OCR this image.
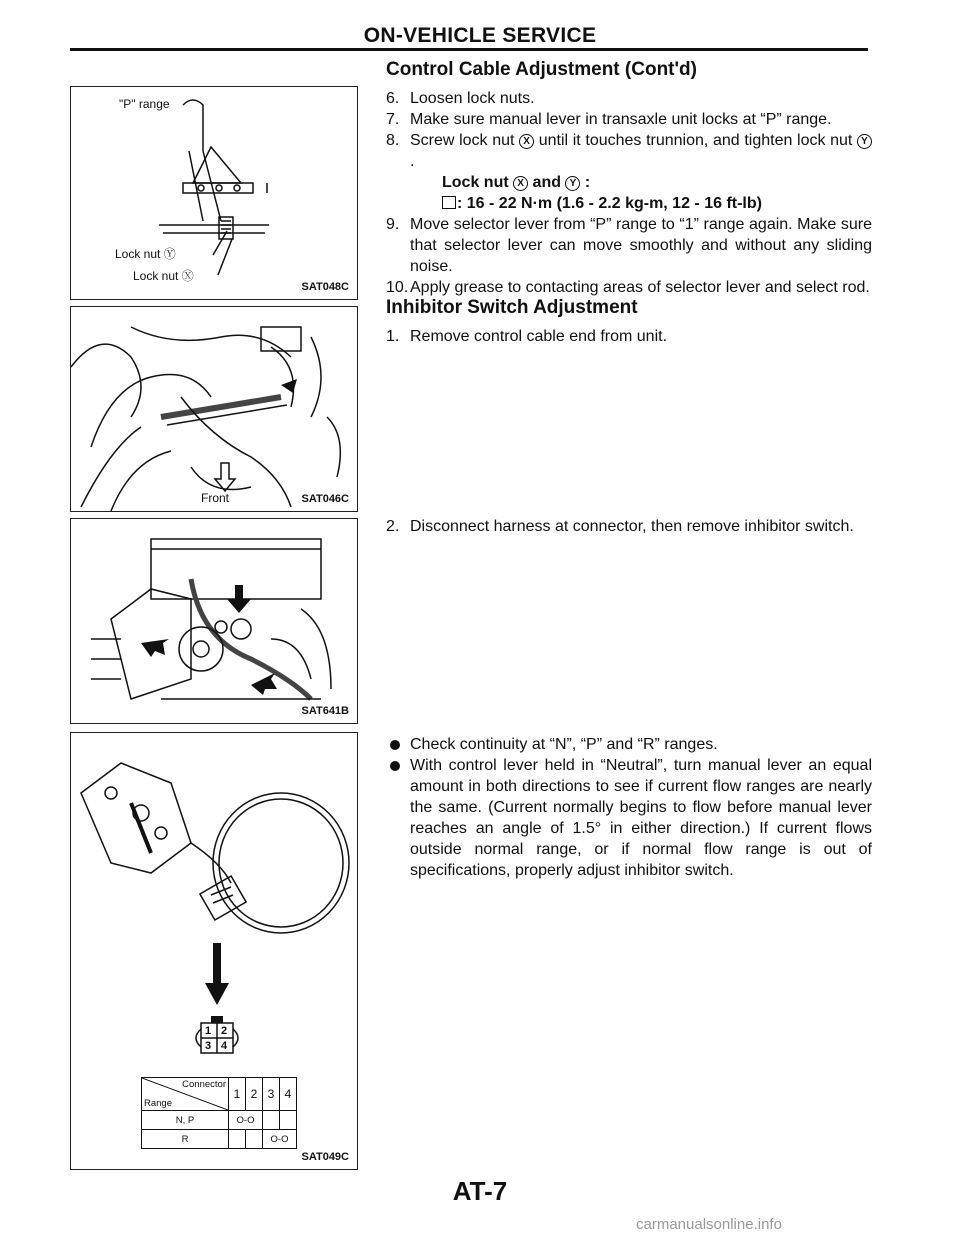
ON-VEHICLE SERVICE
"P" range
Lock nut Ⓨ
Lock nut Ⓧ
SAT048C
Front	SAT046C
SAT641B
1 2
3 4
Connector
Range	1	2	3	4
N, P	O-O			
R			O-O	
SAT049C
Control Cable Adjustment (Cont'd)
6. Loosen lock nuts.
7. Make sure manual lever in transaxle unit locks at “P” range.
8. Screw lock nut X until it touches trunnion, and tighten lock nut Y.
Lock nut X and Y :
: 16 - 22 N·m (1.6 - 2.2 kg-m, 12 - 16 ft-lb)
9. Move selector lever from “P” range to “1” range again. Make sure that selector lever can move smoothly and without any sliding noise.
10. Apply grease to contacting areas of selector lever and select rod.
Inhibitor Switch Adjustment
1. Remove control cable end from unit.
2. Disconnect harness at connector, then remove inhibitor switch.
Check continuity at “N”, “P” and “R” ranges.
With control lever held in “Neutral”, turn manual lever an equal amount in both directions to see if current flow ranges are nearly the same. (Current normally begins to flow before manual lever reaches an angle of 1.5° in either direction.) If current flows outside normal range, or if normal flow range is out of specifications, properly adjust inhibitor switch.
AT-7
carmanualsonline.info
